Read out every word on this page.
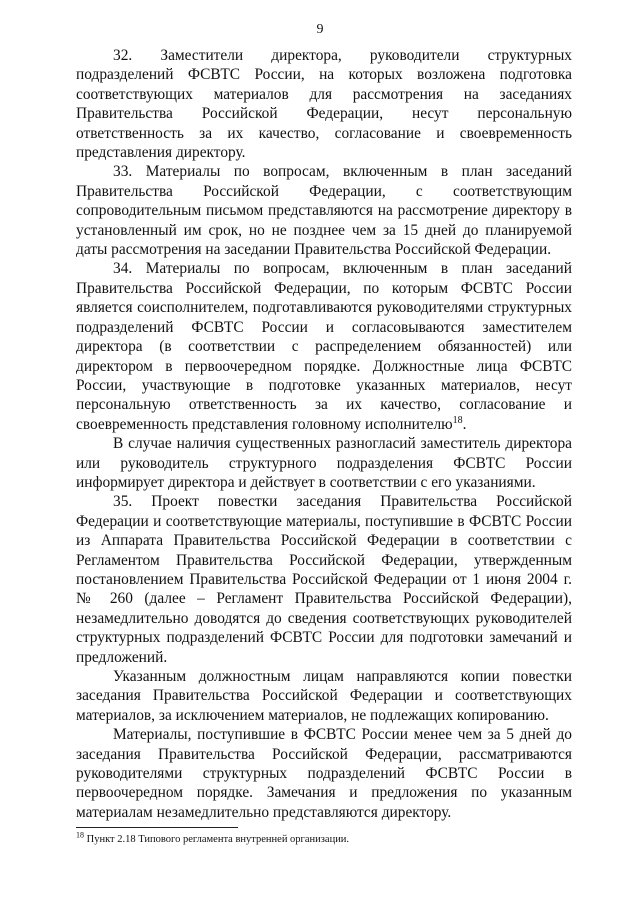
9

32. Заместители директора, руководители структурных подразделений ФСВТС России, на которых возложена подготовка соответствующих материалов для рассмотрения на заседаниях Правительства Российской Федерации, несут персональную ответственность за их качество, согласование и своевременность представления директору.

33. Материалы по вопросам, включенным в план заседаний Правительства Российской Федерации, с соответствующим сопроводительным письмом представляются на рассмотрение директору в установленный им срок, но не позднее чем за 15 дней до планируемой даты рассмотрения на заседании Правительства Российской Федерации.

34. Материалы по вопросам, включенным в план заседаний Правительства Российской Федерации, по которым ФСВТС России является соисполнителем, подготавливаются руководителями структурных подразделений ФСВТС России и согласовываются заместителем директора (в соответствии с распределением обязанностей) или директором в первоочередном порядке. Должностные лица ФСВТС России, участвующие в подготовке указанных материалов, несут персональную ответственность за их качество, согласование и своевременность представления головному исполнителю$^{18}$.

В случае наличия существенных разногласий заместитель директора или руководитель структурного подразделения ФСВТС России информирует директора и действует в соответствии с его указаниями.

35. Проект повестки заседания Правительства Российской Федерации и соответствующие материалы, поступившие в ФСВТС России из Аппарата Правительства Российской Федерации в соответствии с Регламентом Правительства Российской Федерации, утвержденным постановлением Правительства Российской Федерации от 1 июня 2004 г. № 260 (далее – Регламент Правительства Российской Федерации), незамедлительно доводятся до сведения соответствующих руководителей структурных подразделений ФСВТС России для подготовки замечаний и предложений.

Указанным должностным лицам направляются копии повестки заседания Правительства Российской Федерации и соответствующих материалов, за исключением материалов, не подлежащих копированию.

Материалы, поступившие в ФСВТС России менее чем за 5 дней до заседания Правительства Российской Федерации, рассматриваются руководителями структурных подразделений ФСВТС России в первоочередном порядке. Замечания и предложения по указанным материалам незамедлительно представляются директору.

$^{18}$ Пункт 2.18 Типового регламента внутренней организации.
